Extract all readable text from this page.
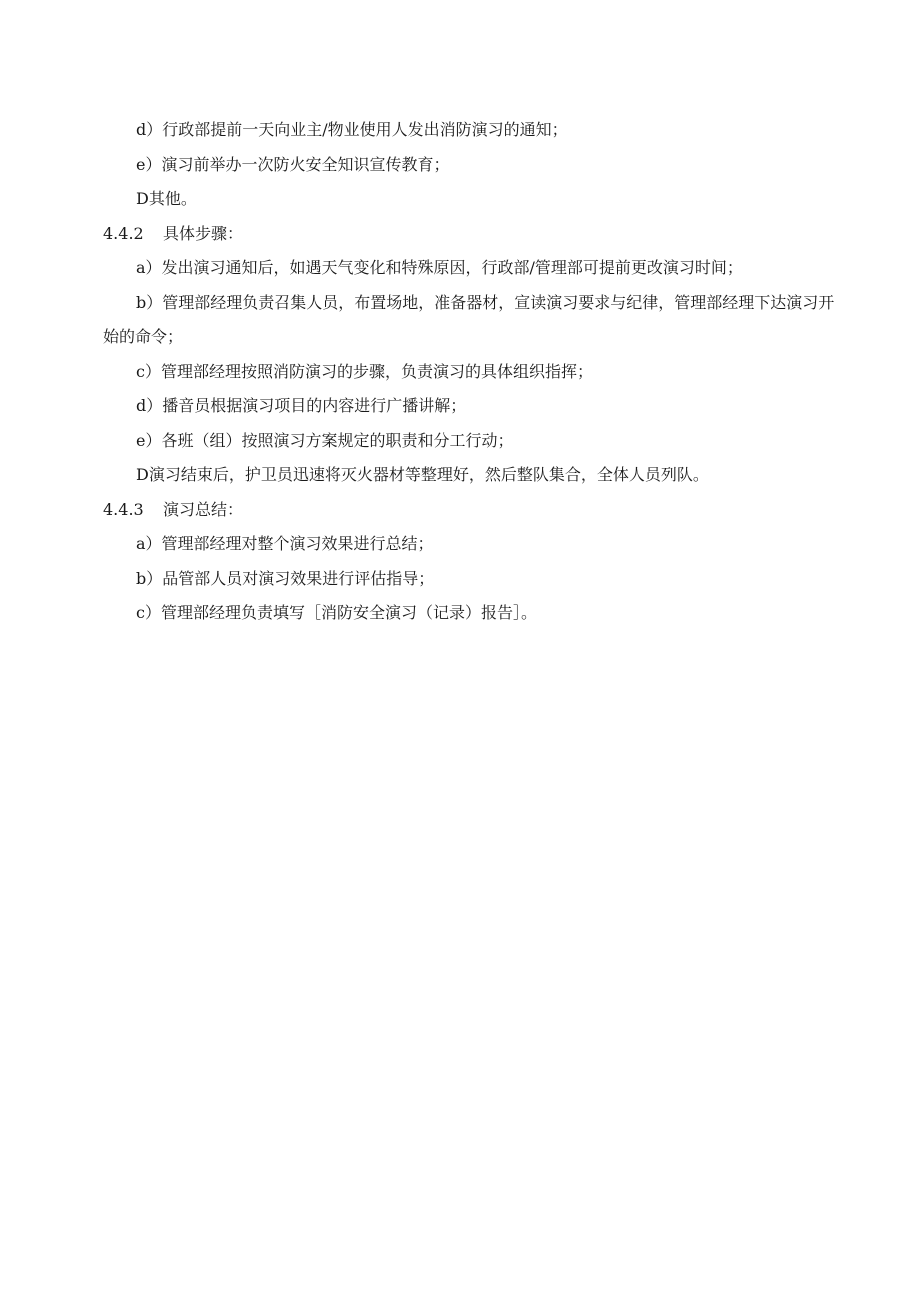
d）行政部提前一天向业主/物业使用人发出消防演习的通知；
e）演习前举办一次防火安全知识宣传教育；
D其他。
4.4.2 具体步骤：
a）发出演习通知后，如遇天气变化和特殊原因，行政部/管理部可提前更改演习时间；
b）管理部经理负责召集人员，布置场地，准备器材，宣读演习要求与纪律，管理部经理下达演习开始的命令；
c）管理部经理按照消防演习的步骤，负责演习的具体组织指挥；
d）播音员根据演习项目的内容进行广播讲解；
e）各班（组）按照演习方案规定的职责和分工行动；
D演习结束后，护卫员迅速将灭火器材等整理好，然后整队集合，全体人员列队。
4.4.3 演习总结：
a）管理部经理对整个演习效果进行总结；
b）品管部人员对演习效果进行评估指导；
c）管理部经理负责填写［消防安全演习（记录）报告］。
